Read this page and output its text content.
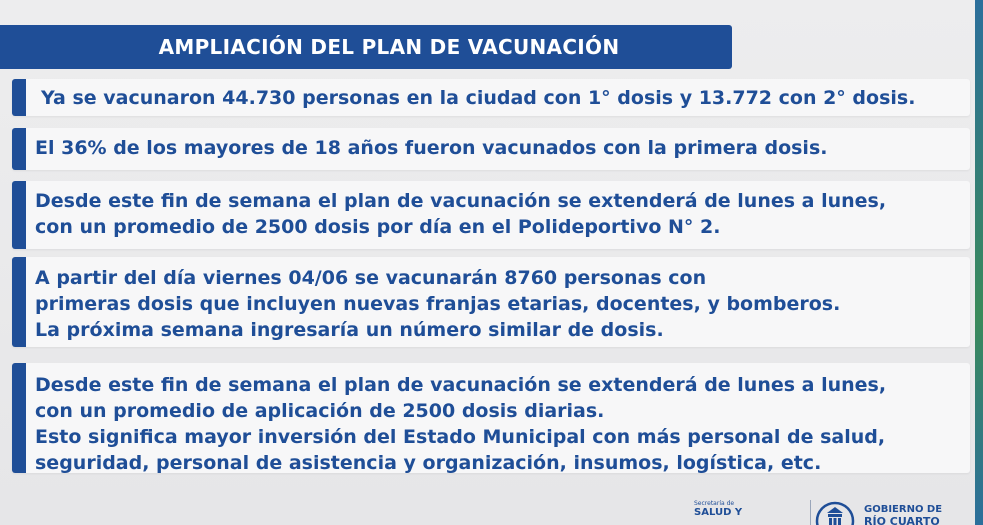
AMPLIACIÓN DEL PLAN DE VACUNACIÓN
Ya se vacunaron 44.730 personas en la ciudad con 1° dosis y 13.772 con 2° dosis.
El 36% de los mayores de 18 años fueron vacunados con la primera dosis.
Desde este fin de semana el plan de vacunación se extenderá de lunes a lunes,
con un promedio de 2500 dosis por día en el Polideportivo N° 2.
A partir del día viernes 04/06 se vacunarán 8760 personas con
primeras dosis que incluyen nuevas franjas etarias, docentes, y bomberos.
La próxima semana ingresaría un número similar de dosis.
Desde este fin de semana el plan de vacunación se extenderá de lunes a lunes,
con un promedio de aplicación de 2500 dosis diarias.
Esto significa mayor inversión del Estado Municipal con más personal de salud,
seguridad, personal de asistencia y organización, insumos, logística, etc.
Secretaría de
SALUD Y	GOBIERNO DE
RÍO CUARTO
